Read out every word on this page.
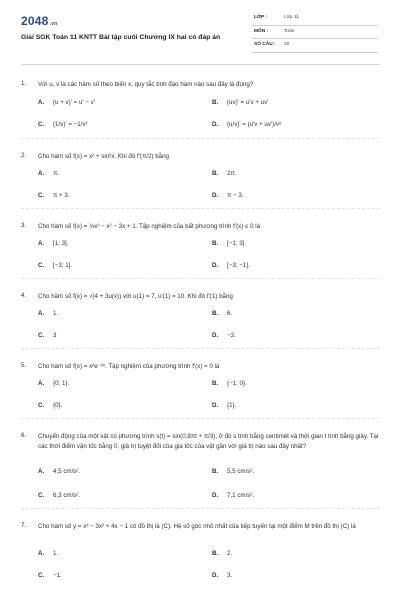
2048.vn
Giải SGK Toán 11 KNTT Bài tập cuối Chương IX hai có đáp án
LỚP :	Lớp 11
MÔN :	Toán
SỐ CÂU : 20
1. Với u, v là các hàm số theo biến x, quy tắc tính đạo hàm nào sau đây là đúng?
A. (u + v)' = u' − v'	B. (uv)' = u'v + uv'
C. (1/v)' = −1/v²	D. (u/v)' = (u'v + uv')/v²
2. Cho hàm số f(x) = x² + sin²x. Khi đó f'(π/2) bằng
A. π.	B. 2π.
C. π + 3.	D. π − 3.
3. Cho hàm số f(x) = ⅓x³ − x² − 3x + 1. Tập nghiệm của bất phương trình f'(x) ≤ 0 là
A. [1; 3].	B. [−1; 3].
C. [−3; 1].	D. [−3; −1].
4. Cho hàm số f(x) = √(4 + 3u(x)) với u(1) = 7, u'(1) = 10. Khi đó f'(1) bằng
A. 1.	B. 6.
C. 3	D. −3.
5. Cho hàm số f(x) = x²e⁻²ˣ. Tập nghiệm của phương trình f'(x) = 0 là
A. {0; 1}.	B. {−1; 0}.
C. {0}.	D. {1}.
6. Chuyển động của một vật có phương trình s(t) = sin(0,8πt + π/3), ở đó s tính bằng centimét và thời gian t tính bằng giây. Tại các thời điểm vận tốc bằng 0, giá trị tuyệt đối của gia tốc của vật gần với giá trị nào sau đây nhất?
A. 4,5 cm/s².	B. 5,5 cm/s².
C. 6,3 cm/s².	D. 7,1 cm/s².
7. Cho hàm số y = x³ − 3x² + 4x − 1 có đồ thị là (C). Hệ số góc nhỏ nhất của tiếp tuyến tại một điểm M trên đồ thị (C) là
A. 1.	B. 2.
C. −1.	D. 3.
